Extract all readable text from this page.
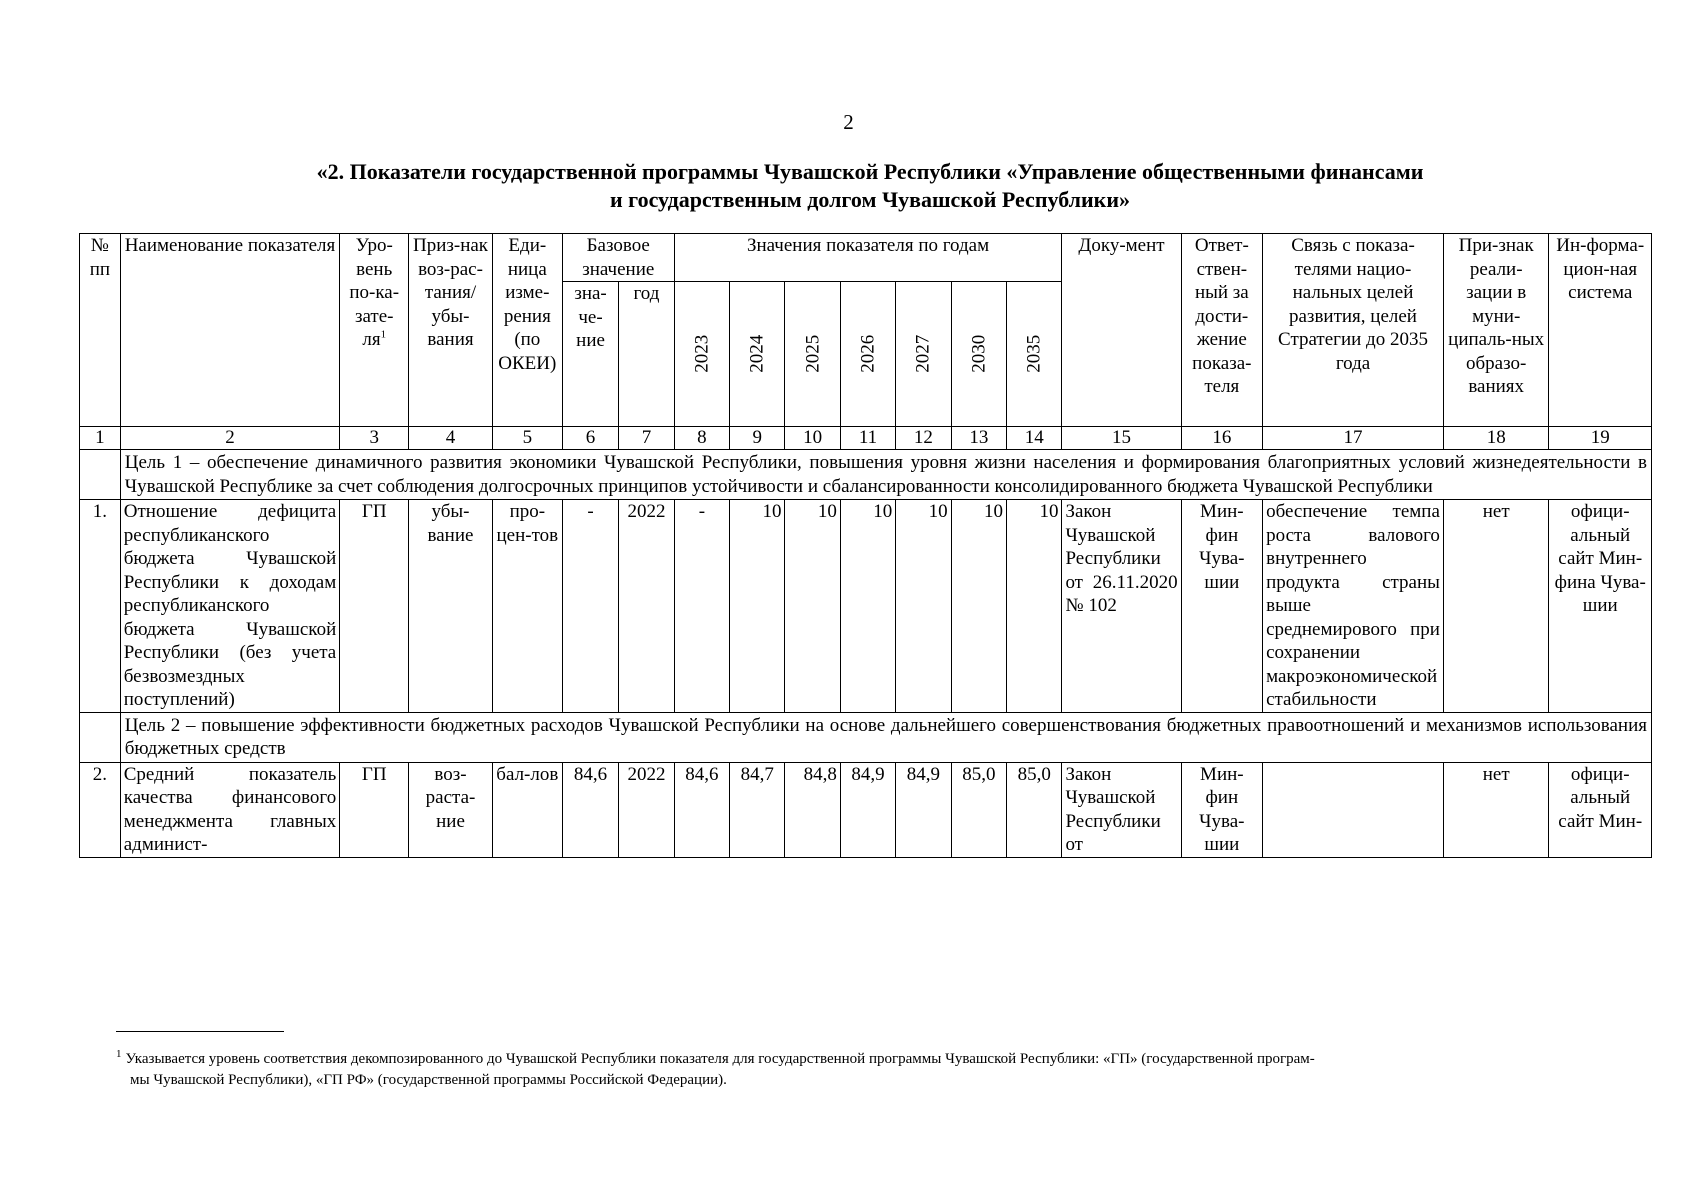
2
«2. Показатели государственной программы Чувашской Республики «Управление общественными финансами
и государственным долгом Чувашской Республики»
№ пп	Наименование показателя	Уро-вень $по-ка-зате-ля^1$	Приз-нак воз-рас-тания/ убы-вания	Еди-ница изме-рения (по ОКЕИ)	Базовое значение		Значения показателя по годам							Доку-мент	Ответ-ствен-ный за дости-жение показа-теля	Связь с показа-телями нацио-нальных целей развития, целей Стратегии до 2035 года	При-знак реали-зации в муни-ципаль-ных образо-ваниях	Ин-форма-цион-ная система
					зна-че-ние	год	2023	2024	2025	2026	2027	2030	2035					

1	2	3	4	5	6	7	8	9	10	11	12	13	14	15	16	17	18	19
	Цель 1 – обеспечение динамичного развития экономики Чувашской Республики, повышения уровня жизни населения и формирования благоприятных условий жизнедеятельности в Чувашской Республике за счет соблюдения долгосрочных принципов устойчивости и сбалансированности консолидированного бюджета Чувашской Республики																	
1.	Отношение дефицита республиканского бюджета Чувашской Республики к доходам республиканского бюджета Чувашской Республики (без учета безвозмездных поступлений)	ГП	убы-вание	про-цен-тов	-	2022	-	10	10	10	10	10	10	Закон Чувашской Республики от 26.11.2020 № 102	Мин-фин Чува-шии	обеспечение темпа роста валового внутреннего продукта страны выше среднемирового при сохранении макроэкономической стабильности	нет	офици-альный сайт Мин-фина Чува-шии
	Цель 2 – повышение эффективности бюджетных расходов Чувашской Республики на основе дальнейшего совершенствования бюджетных правоотношений и механизмов использования бюджетных средств																	
2.	Средний показатель качества финансового менеджмента главных админист-	ГП	воз-раста-ние	бал-лов	84,6	2022	84,6	84,7	84,8	84,9	84,9	85,0	85,0	Закон Чувашской Республики от	Мин-фин Чува-шии		нет	офици-альный сайт Мин-
$^1$ Указывается уровень соответствия декомпозированного до Чувашской Республики показателя для государственной программы Чувашской Республики: «ГП» (государственной програм-
мы Чувашской Республики), «ГП РФ» (государственной программы Российской Федерации).
